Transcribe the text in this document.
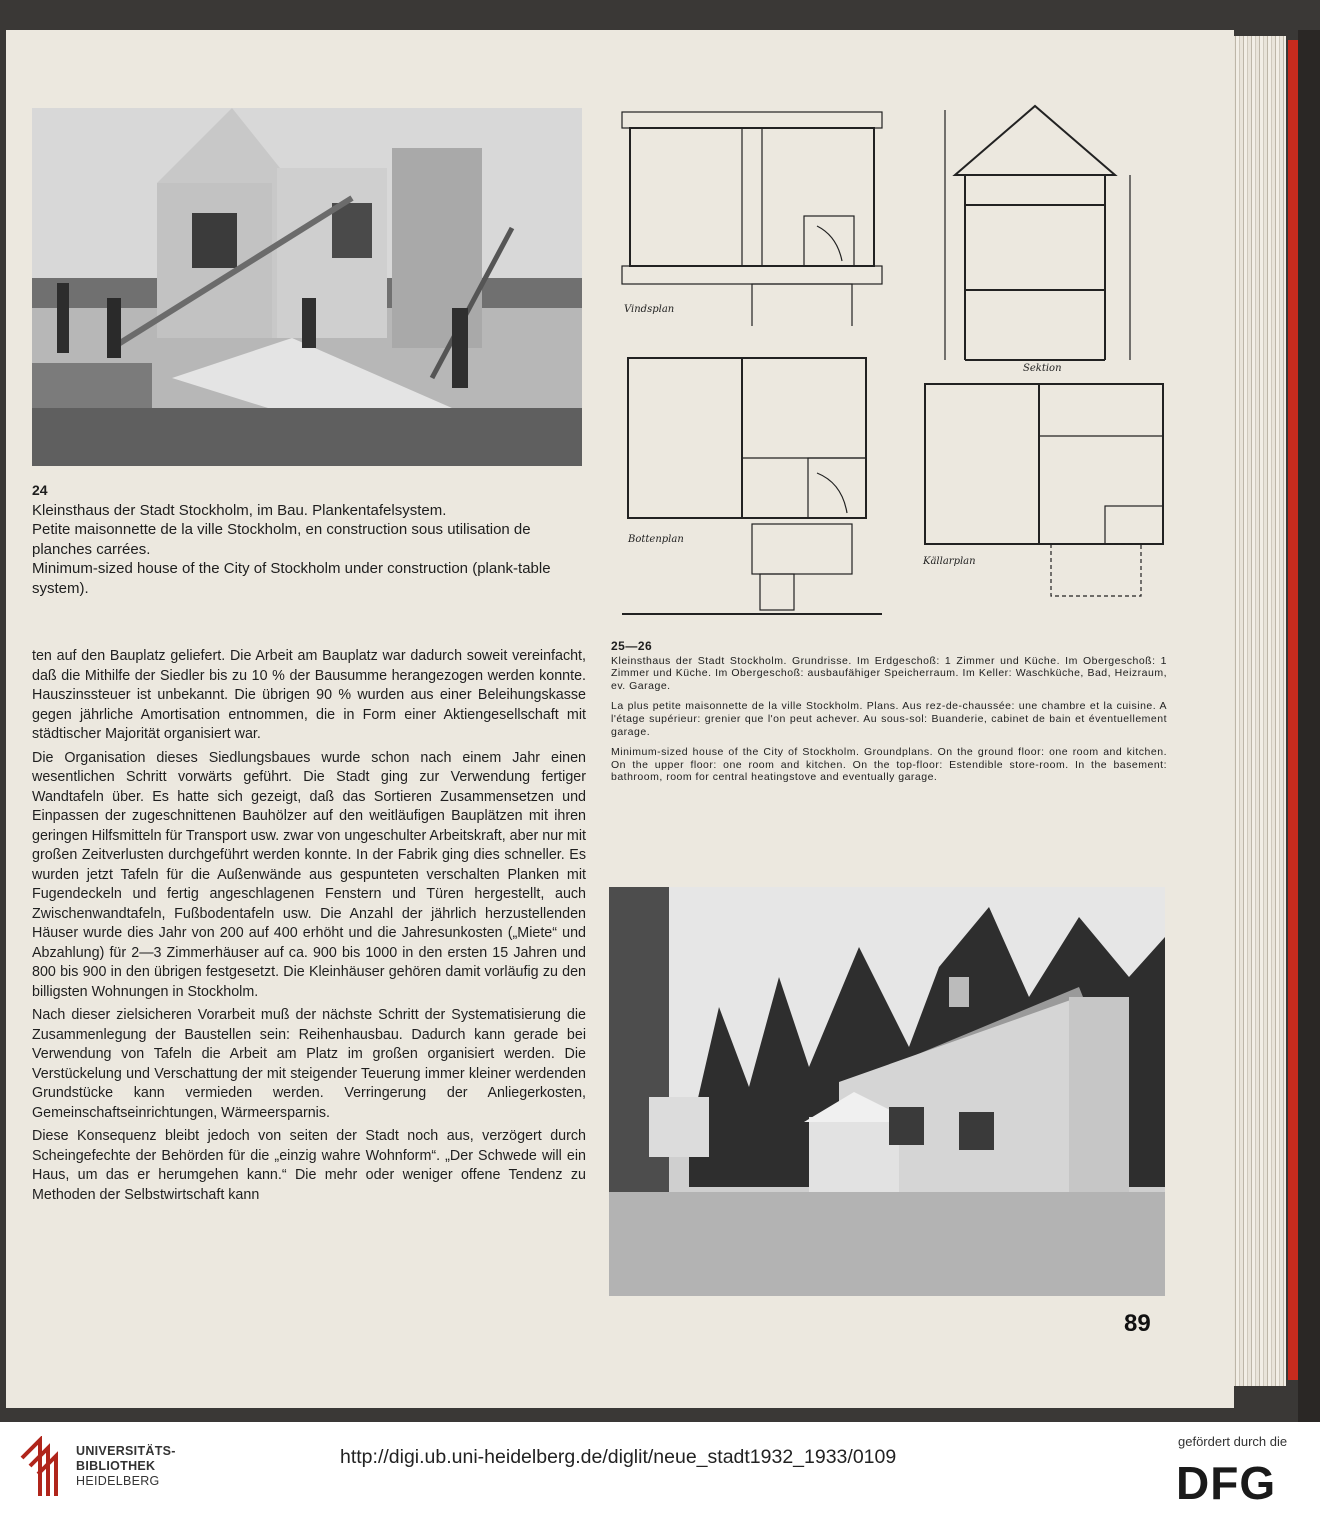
Vindsplan
Sektion
Bottenplan
Källarplan
24

Kleinsthaus der Stadt Stockholm, im Bau. Plankentafelsystem.

Petite maisonnette de la ville Stockholm, en construction sous utilisation de planches carrées.

Minimum-sized house of the City of Stockholm under construction (plank-table system).

25—26

Kleinsthaus der Stadt Stockholm. Grundrisse. Im Erdgeschoß: 1 Zimmer und Küche. Im Obergeschoß: 1 Zimmer und Küche. Im Obergeschoß: ausbaufähiger Speicherraum. Im Keller: Waschküche, Bad, Heizraum, ev. Garage.

La plus petite maisonnette de la ville Stockholm. Plans. Aus rez-de-chaussée: une chambre et la cuisine. A l'étage supérieur: grenier que l'on peut achever. Au sous-sol: Buanderie, cabinet de bain et éventuellement garage.

Minimum-sized house of the City of Stockholm. Groundplans. On the ground floor: one room and kitchen. On the upper floor: one room and kitchen. On the top-floor: Estendible store-room. In the basement: bathroom, room for central heatingstove and eventually garage.

ten auf den Bauplatz geliefert. Die Arbeit am Bauplatz war dadurch soweit vereinfacht, daß die Mithilfe der Siedler bis zu 10 % der Bausumme herangezogen werden konnte. Hauszinssteuer ist unbekannt. Die übrigen 90 % wurden aus einer Beleihungskasse gegen jährliche Amortisation entnommen, die in Form einer Aktiengesellschaft mit städtischer Majorität organisiert war.

Die Organisation dieses Siedlungsbaues wurde schon nach einem Jahr einen wesentlichen Schritt vorwärts geführt. Die Stadt ging zur Verwendung fertiger Wandtafeln über. Es hatte sich gezeigt, daß das Sortieren Zusammensetzen und Einpassen der zugeschnittenen Bauhölzer auf den weitläufigen Bauplätzen mit ihren geringen Hilfsmitteln für Transport usw. zwar von ungeschulter Arbeitskraft, aber nur mit großen Zeitverlusten durchgeführt werden konnte. In der Fabrik ging dies schneller. Es wurden jetzt Tafeln für die Außenwände aus gespunteten verschalten Planken mit Fugendeckeln und fertig angeschlagenen Fenstern und Türen hergestellt, auch Zwischenwandtafeln, Fußbodentafeln usw. Die Anzahl der jährlich herzustellenden Häuser wurde dies Jahr von 200 auf 400 erhöht und die Jahresunkosten („Miete“ und Abzahlung) für 2—3 Zimmerhäuser auf ca. 900 bis 1000 in den ersten 15 Jahren und 800 bis 900 in den übrigen festgesetzt. Die Kleinhäuser gehören damit vorläufig zu den billigsten Wohnungen in Stockholm.

Nach dieser zielsicheren Vorarbeit muß der nächste Schritt der Systematisierung die Zusammenlegung der Baustellen sein: Reihenhausbau. Dadurch kann gerade bei Verwendung von Tafeln die Arbeit am Platz im großen organisiert werden. Die Verstückelung und Verschattung der mit steigender Teuerung immer kleiner werdenden Grundstücke kann vermieden werden. Verringerung der Anliegerkosten, Gemeinschaftseinrichtungen, Wärmeersparnis.

Diese Konsequenz bleibt jedoch von seiten der Stadt noch aus, verzögert durch Scheingefechte der Behörden für die „einzig wahre Wohnform“. „Der Schwede will ein Haus, um das er herumgehen kann.“ Die mehr oder weniger offene Tendenz zu Methoden der Selbstwirtschaft kann

89
UNIVERSITÄTS-
BIBLIOTHEK
HEIDELBERG
http://digi.ub.uni-heidelberg.de/diglit/neue_stadt1932_1933/0109
gefördert durch die
DFG
